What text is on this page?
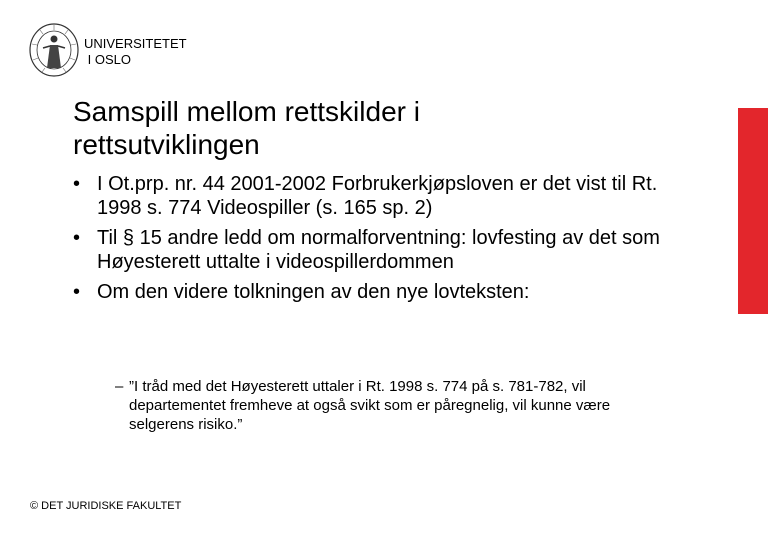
UNIVERSITETET
I OSLO
Samspill mellom rettskilder i
rettsutviklingen
• I Ot.prp. nr. 44 2001-2002 Forbrukerkjøpsloven er det vist til Rt. 1998 s. 774 Videospiller (s. 165 sp. 2)
• Til § 15 andre ledd om normalforventning: lovfesting av det som Høyesterett uttalte i videospillerdommen
• Om den videre tolkningen av den nye lovteksten:
– ”I tråd med det Høyesterett uttaler i Rt. 1998 s. 774 på s. 781-782, vil departementet fremheve at også svikt som er påregnelig, vil kunne være selgerens risiko.”
© DET JURIDISKE FAKULTET
